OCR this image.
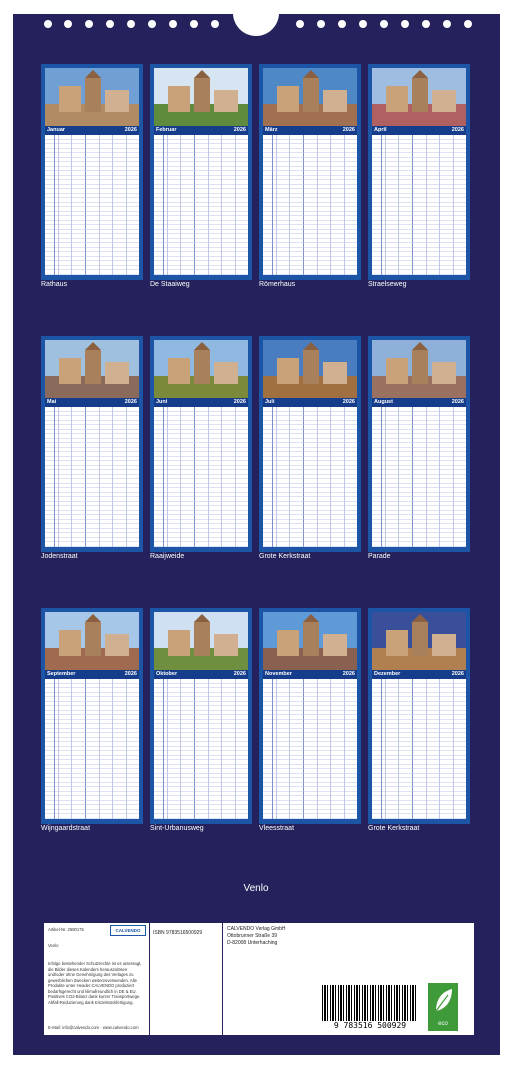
Januar	2026
Rathaus
Februar	2026
De Staaiweg
März	2026
Römerhaus
April	2026
Straelseweg
Mai	2026
Jodenstraat
Juni	2026
Raaijweide
Juli	2026
Grote Kerkstraat
August	2026
Parade
September	2026
Wijngaardstraat
Oktober	2026
Sint-Urbanusweg
November	2026
Vleesstraat
Dezember	2026
Grote Kerkstraat
Venlo
Artikel-Nr. 2680175	CALVENDO
Venlo
Infolge bestehender Schutzrechte ist es untersagt, die Bilder dieses Kalenders herauszulösen und/oder ohne Genehmigung des Verlages zu gewerblichen Zwecken weiterzuverwenden. Alle Produkte unter Header CALVENDO produziert bedarfsgerecht und klimafreundlich in DE & EU. Positives CO2-Bilanz dank kurzer Transportwege. Abfall-Reduzierung dank Einzelstückfertigung.
E-Mail: info@calvendo.com · www.calvendo.com
ISBN 9783516500929
CALVENDO Verlag GmbH
Ottobrunner Straße 39
D-82008 Unterhaching
9 783516 500929	eco
